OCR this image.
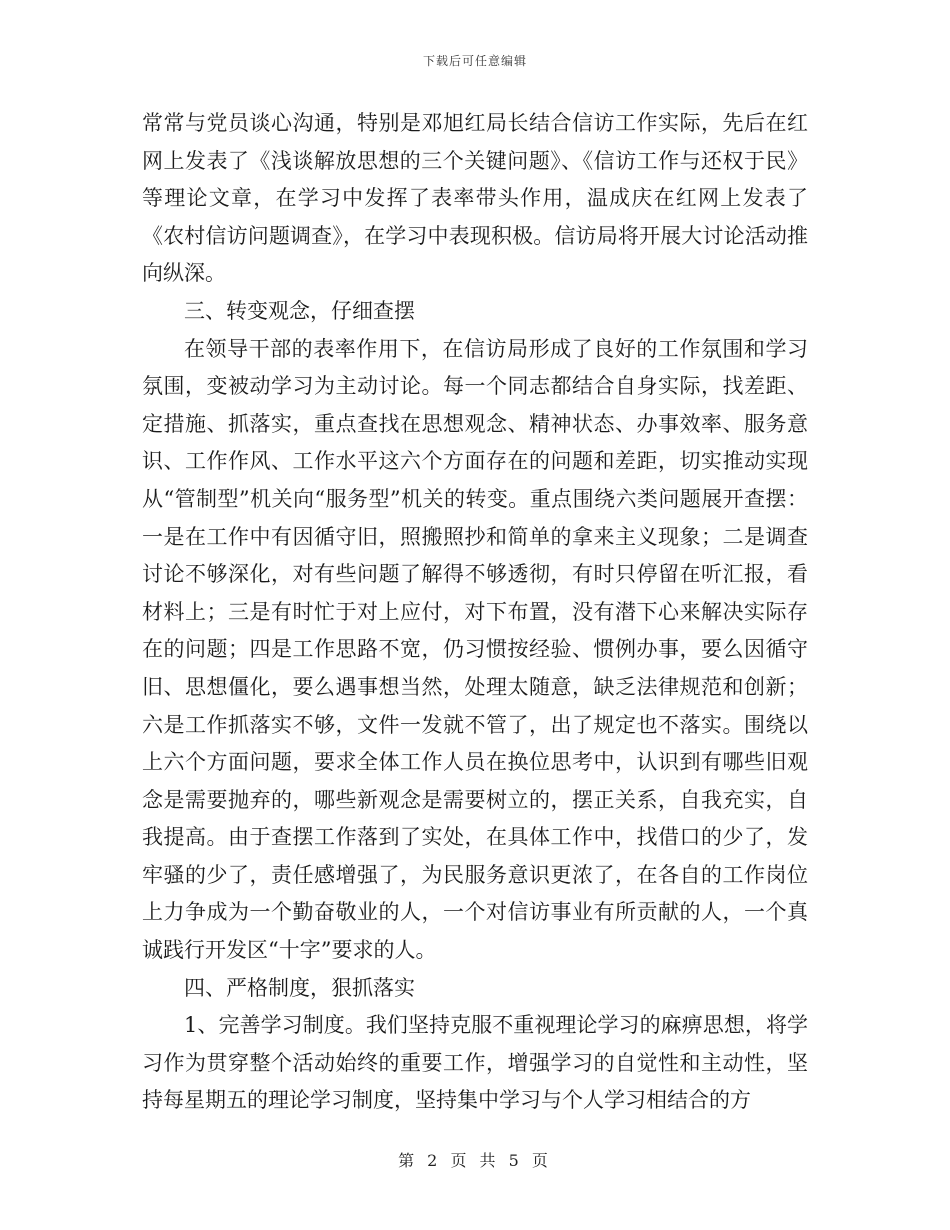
下载后可任意编辑

常常与党员谈心沟通，特别是邓旭红局长结合信访工作实际，先后在红网上发表了《浅谈解放思想的三个关键问题》、《信访工作与还权于民》等理论文章，在学习中发挥了表率带头作用，温成庆在红网上发表了《农村信访问题调查》，在学习中表现积极。信访局将开展大讨论活动推向纵深。

三、转变观念，仔细查摆

在领导干部的表率作用下，在信访局形成了良好的工作氛围和学习氛围，变被动学习为主动讨论。每一个同志都结合自身实际，找差距、定措施、抓落实，重点查找在思想观念、精神状态、办事效率、服务意识、工作作风、工作水平这六个方面存在的问题和差距，切实推动实现从“管制型”机关向“服务型”机关的转变。重点围绕六类问题展开查摆：一是在工作中有因循守旧，照搬照抄和简单的拿来主义现象；二是调查讨论不够深化，对有些问题了解得不够透彻，有时只停留在听汇报，看材料上；三是有时忙于对上应付，对下布置，没有潜下心来解决实际存在的问题；四是工作思路不宽，仍习惯按经验、惯例办事，要么因循守旧、思想僵化，要么遇事想当然，处理太随意，缺乏法律规范和创新；六是工作抓落实不够，文件一发就不管了，出了规定也不落实。围绕以上六个方面问题，要求全体工作人员在换位思考中，认识到有哪些旧观念是需要抛弃的，哪些新观念是需要树立的，摆正关系，自我充实，自我提高。由于查摆工作落到了实处，在具体工作中，找借口的少了，发牢骚的少了，责任感增强了，为民服务意识更浓了，在各自的工作岗位上力争成为一个勤奋敬业的人，一个对信访事业有所贡献的人，一个真诚践行开发区“十字”要求的人。

四、严格制度，狠抓落实

1、完善学习制度。我们坚持克服不重视理论学习的麻痹思想，将学习作为贯穿整个活动始终的重要工作，增强学习的自觉性和主动性，坚持每星期五的理论学习制度，坚持集中学习与个人学习相结合的方

第 2 页 共 5 页
